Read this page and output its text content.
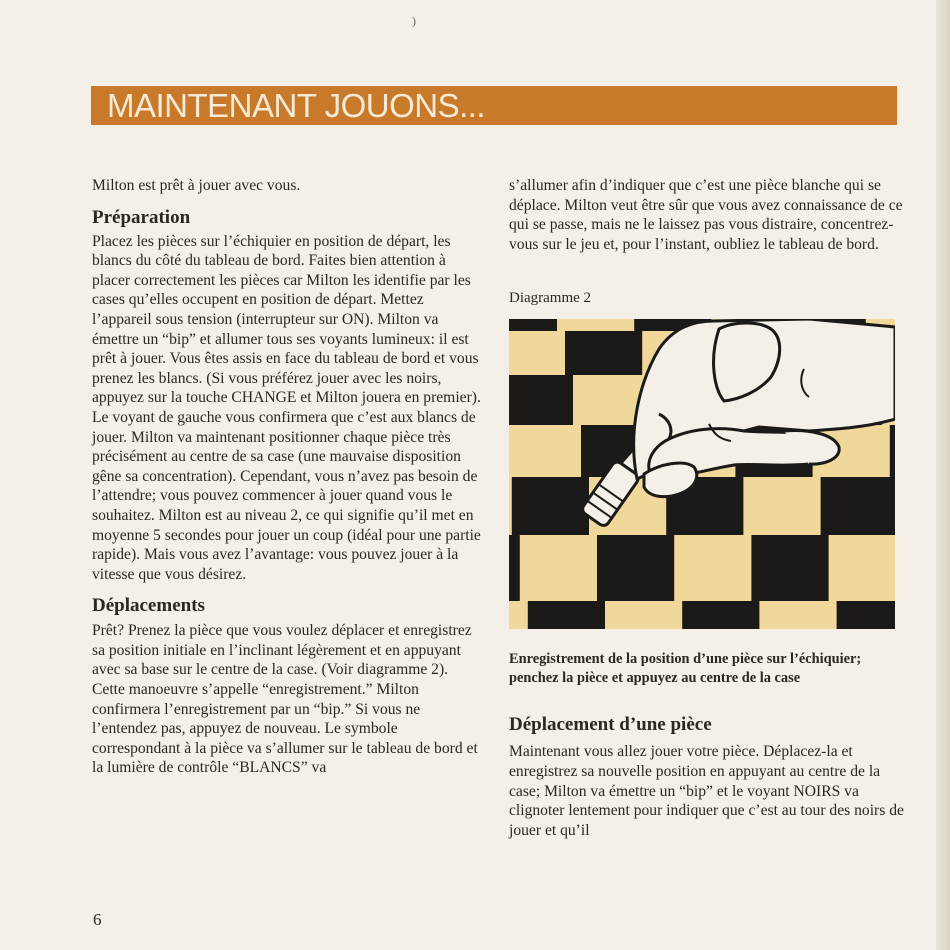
)
MAINTENANT JOUONS...

Milton est prêt à jouer avec vous.

Préparation

Placez les pièces sur l’échiquier en position de départ, les blancs du côté du tableau de bord. Faites bien attention à placer correctement les pièces car Milton les identifie par les cases qu’elles occupent en position de départ. Mettez l’appareil sous tension (interrupteur sur ON). Milton va émettre un “bip” et allumer tous ses voyants lumineux: il est prêt à jouer. Vous êtes assis en face du tableau de bord et vous prenez les blancs. (Si vous préférez jouer avec les noirs, appuyez sur la touche CHANGE et Milton jouera en premier). Le voyant de gauche vous confirmera que c’est aux blancs de jouer. Milton va maintenant positionner chaque pièce très précisément au centre de sa case (une mauvaise disposition gêne sa concentration). Cependant, vous n’avez pas besoin de l’attendre; vous pouvez commencer à jouer quand vous le souhaitez. Milton est au niveau 2, ce qui signifie qu’il met en moyenne 5 secondes pour jouer un coup (idéal pour une partie rapide). Mais vous avez l’avantage: vous pouvez jouer à la vitesse que vous désirez.

Déplacements

Prêt? Prenez la pièce que vous voulez déplacer et enregistrez sa position initiale en l’inclinant légèrement et en appuyant avec sa base sur le centre de la case. (Voir diagramme 2). Cette manoeuvre s’appelle “enregistrement.” Milton confirmera l’enregistrement par un “bip.” Si vous ne l’entendez pas, appuyez de nouveau. Le symbole correspondant à la pièce va s’allumer sur le tableau de bord et la lumière de contrôle “BLANCS” va

s’allumer afin d’indiquer que c’est une pièce blanche qui se déplace. Milton veut être sûr que vous avez connaissance de ce qui se passe, mais ne le laissez pas vous distraire, concentrez-vous sur le jeu et, pour l’instant, oubliez le tableau de bord.

Diagramme 2

Enregistrement de la position d’une pièce sur l’échiquier; penchez la pièce et appuyez au centre de la case

Déplacement d’une pièce

Maintenant vous allez jouer votre pièce. Déplacez-la et enregistrez sa nouvelle position en appuyant au centre de la case; Milton va émettre un “bip” et le voyant NOIRS va clignoter lentement pour indiquer que c’est au tour des noirs de jouer et qu’il

6
